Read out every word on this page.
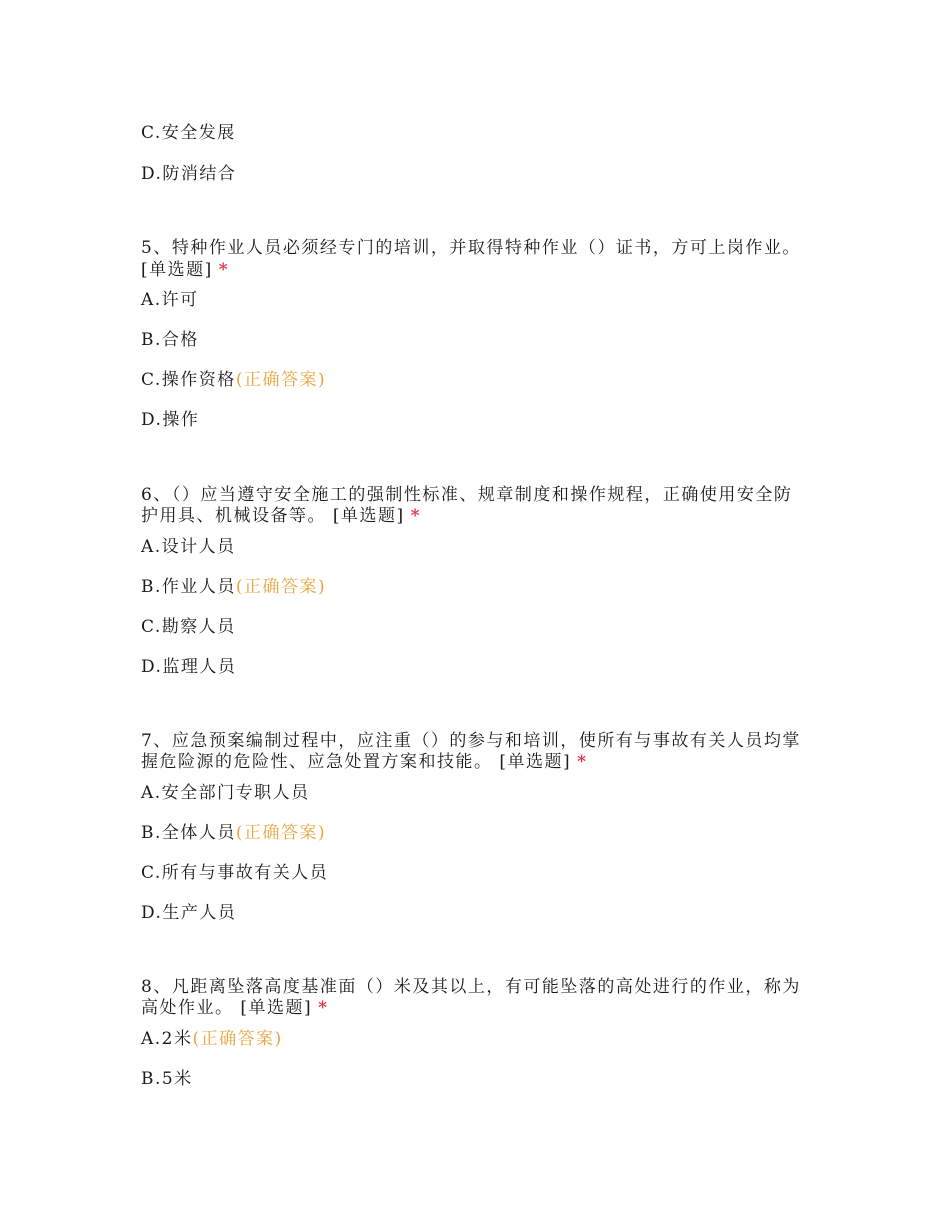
C.安全发展

D.防消结合

5、特种作业人员必须经专门的培训，并取得特种作业（）证书，方可上岗作业。

[单选题] *

A.许可

B.合格

C.操作资格(正确答案)

D.操作

6、（）应当遵守安全施工的强制性标准、规章制度和操作规程，正确使用安全防

护用具、机械设备等。 [单选题] *

A.设计人员

B.作业人员(正确答案)

C.勘察人员

D.监理人员

7、应急预案编制过程中，应注重（）的参与和培训，使所有与事故有关人员均掌

握危险源的危险性、应急处置方案和技能。 [单选题] *

A.安全部门专职人员

B.全体人员(正确答案)

C.所有与事故有关人员

D.生产人员

8、凡距离坠落高度基准面（）米及其以上，有可能坠落的高处进行的作业，称为

高处作业。 [单选题] *

A.2米(正确答案)

B.5米
